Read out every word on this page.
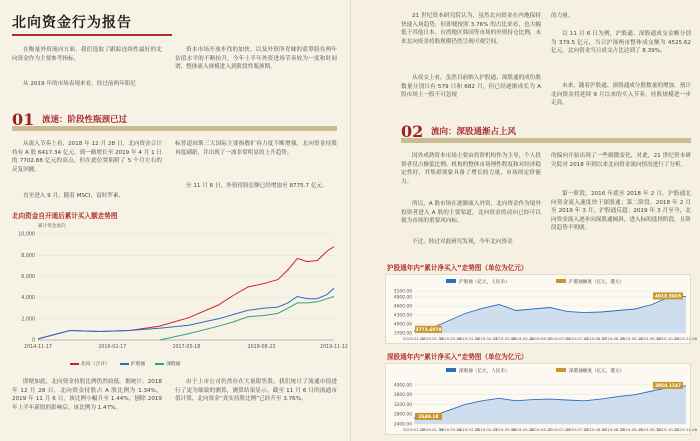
北向资金行为报告
在衡量外资流向方面，我们选取了跟踪连续性最好的北向资金作为主要参考指标。
从 2019 年的市场表现来看，经过前两年阻尼
资本市场开放步伐的加快，以及外资所青睐的蓝筹股在两年估值水平的不断抬升，今年上半年外资进场节奏较为一度和时间谱，整体流入规模进入到阶段性瓶颈期。
01 流速：阶段性瓶颈已过
从流入节奏上看，2018 年 12 月 28 日，北向资金合计持有 A 股 6417.34 亿元。到一路增长至 2019 年 4 月 1 日的 7702.88 亿元的高点，但在此位置陷附了 5 个月左右的反复回撤。
直至进入 9 月，随着 MSCI、富时罗素、
标普道琼斯三大国际主要指数扩容力度不断增强，北向资金持股再度刷新，并出现了一波非常明显的上升趋势。
至 11 月 6 日，外资持股总额已经增加至 8775.7 亿元。
北向资金自开通后累计买入额走势图
累计资金流向
0
2,000
4,000
6,000
8,000
10,000
2014-11-17	2016-02-17	2017-05-18	2018-08-23	2019-11-12
北向（合计）	沪股通	深股通
即便如此，北向资金持股比例仍然较低。据统计，2018 年 12 月 28 日，北向资金持股占 A 股比例为 1.34%，2019 年 11 月 6 日，该比例小幅升至 1.44%。刨除 2019 年上半年新股的影响后，该比例为 1.47%。
由于上市公司仍然存在大量限售股，我们统计了流通市值进行了更为细致的测算，测算结果显示，截至 11 月 6 日的流通市值计算，北向资金“真实持股比例”已经升至 3.76%。
21 世纪资本研究院认为，虽然北向资金在内地保持快速入场趋势，但即便按照 3.76% 的占比来看，也大幅低于其他日本、台湾地区韩国等市场的外资持仓比例，未来北向资金持股规模仍然呈现可观空间。
从成交上看，虽然目前纳入沪股通、深股通的成份股数量分别只有 579 只和 682 只，但已经逐渐成长为 A 股市场上一股不可忽视
的力量。
以 11 月 6 日为例，沪股通、深股通成交金额分别为 379.5 亿元，当日沪深两市整体成交额为 4525.62 亿元，北向资金当日成交占比达到了 8.39%。
未来，随着沪股通、深股通成分股数量的增加，预计北向资金将延续 9 月以来的买入节奏，持股规模进一步走高。
02 流向：深股通渐占上风
国外成熟资本市场主要由投资机构作为主导，个人投资者仅占极低比例。机构的整体市场理性程度和对经济稳定性好，其集群现象具备了增长的力量，市场的定价能力。
所以，A 股市场在逐渐流入外资，北向资金作为境外投资者进入 A 股的主要渠道，北向资金的动向已经可以视为市场的重要风向标。
不过，经过对此研究发现，今年北向资金
的偏向开始出现了一些细微变化，对此，21 世纪资本研究院对 2018 年到以来北向资金流向情况进行了分析。
第一阶段，2016 年底至 2018 年 2 月，沪股通北向资金流入速度快于深股通；第二阶段，2018 年 2 月至 2019 年 3 月，沪股通反超；2019 年 3 月至今，北向资金流入逐步向深股通倾斜，进入标的选择阶段，且阶段趋势不明朗。
沪股通年内“累计净买入”走势图（单位为亿元）
沪股通（亿元，人民币）	沪港通额度（亿元，港元）
3700.00
4000.00
4300.00
4600.00
4900.00
5100.00
2019-01-02
2019-01-30
2019-03-04
2019-03-22
2019-04-17
2019-05-08
2019-05-28
2019-06-17
2019-07-04
2019-07-22
2019-08-07
2019-08-23
2019-09-12
2019-09-30
2019-10-22
2019-11-06
3773.6079
4918.5965
深股通年内“累计净买入”走势图（单位为亿元）
深股通（亿元，人民币）	深港通额度（亿元，港元）
2400.00
2800.00
3200.00
3600.00
4000.00
2019-01-02
2019-01-30
2019-03-04
2019-03-22
2019-04-17
2019-05-08
2019-05-28
2019-06-17
2019-07-04
2019-07-22
2019-08-07
2019-08-23
2019-09-12
2019-09-30
2019-10-22
2019-11-06
2649.18
3958.1147
